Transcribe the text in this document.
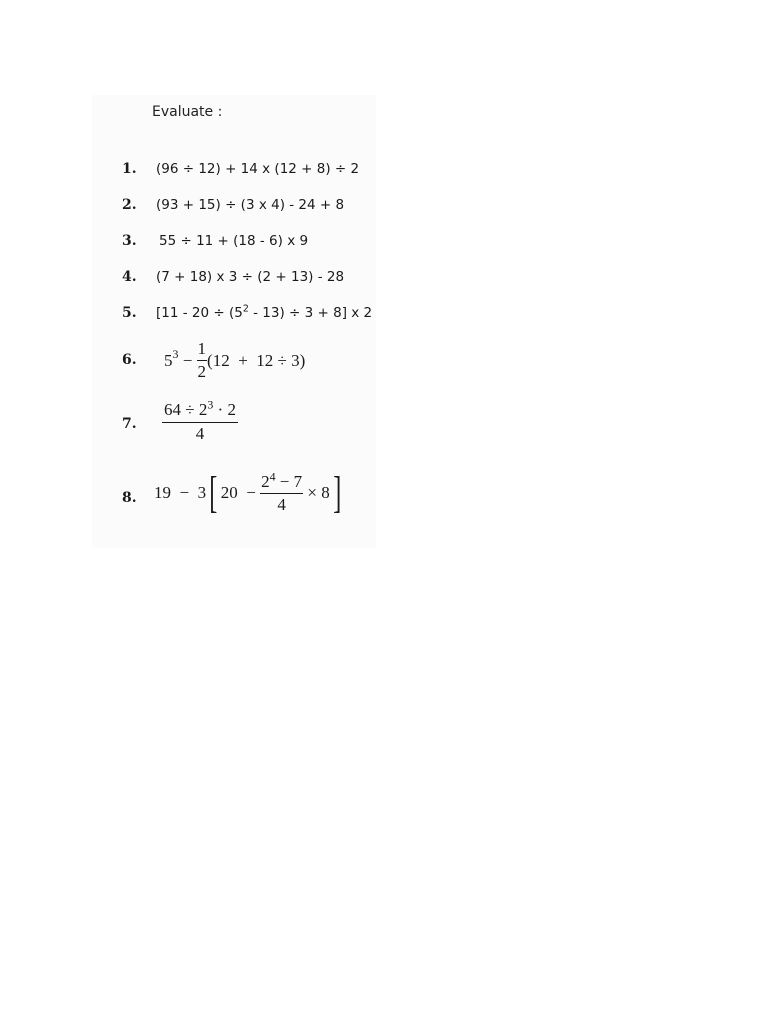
Evaluate :
1. (96 ÷ 12) + 14 x (12 + 8) ÷ 2
2. (93 + 15) ÷ (3 x 4) - 24 + 8
3. 55 ÷ 11 + (18 - 6) x 9
4. (7 + 18) x 3 ÷ (2 + 13) - 28
5. $[11 - 20 \div (5^2 - 13) \div 3 + 8]$ x 2
6. $5^3 - \frac{1}{2} (12 + 12 \div 3)$
7. $\frac{64 \div 2^3 \cdot 2}{4}$
8. 19  −  3[ $20 - \frac{2^4 - 7}{4} \times 8$]
